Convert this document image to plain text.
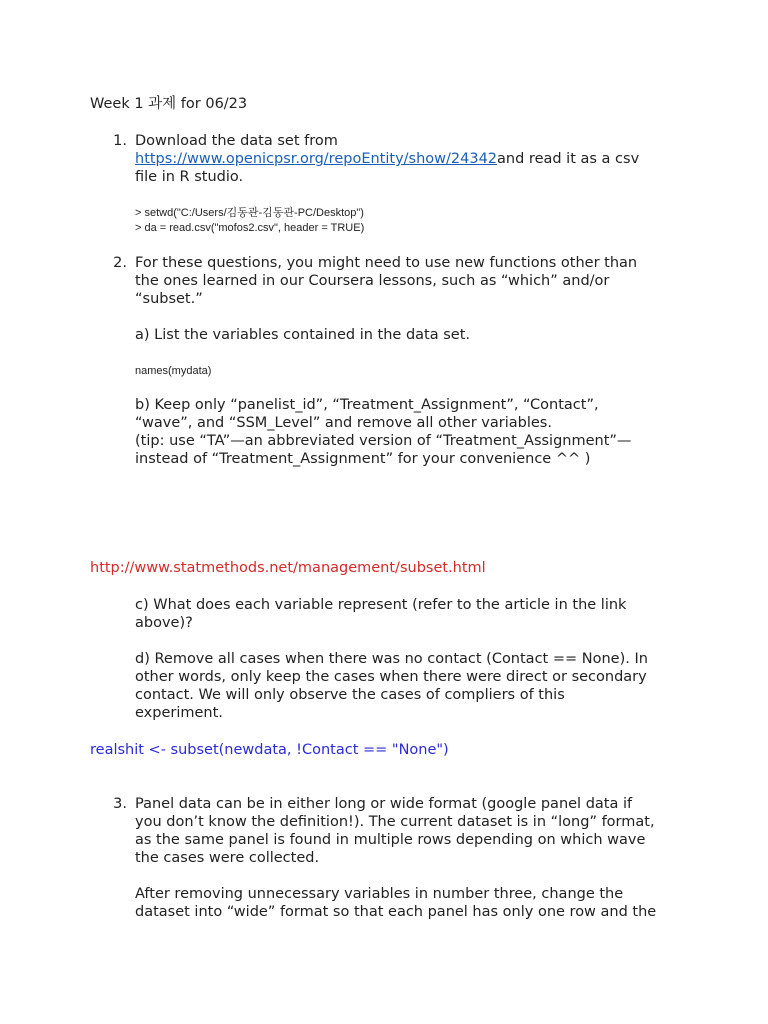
Week 1 과제 for 06/23
1. Download the data set from
https://www.openicpsr.org/repoEntity/show/24342and read it as a csv
file in R studio.
> setwd("C:/Users/김동관-김동관-PC/Desktop")
> da = read.csv("mofos2.csv", header = TRUE)
2. For these questions, you might need to use new functions other than
the ones learned in our Coursera lessons, such as “which” and/or
“subset.”
a) List the variables contained in the data set.
names(mydata)
b) Keep only “panelist_id”, “Treatment_Assignment”, “Contact”,
“wave”, and “SSM_Level” and remove all other variables.
(tip: use “TA”—an abbreviated version of “Treatment_Assignment”—
instead of “Treatment_Assignment” for your convenience ^^ )
http://www.statmethods.net/management/subset.html
c) What does each variable represent (refer to the article in the link
above)?
d) Remove all cases when there was no contact (Contact == None). In
other words, only keep the cases when there were direct or secondary
contact. We will only observe the cases of compliers of this
experiment.
realshit <- subset(newdata, !Contact == "None")
3. Panel data can be in either long or wide format (google panel data if
you don’t know the definition!). The current dataset is in “long” format,
as the same panel is found in multiple rows depending on which wave
the cases were collected.
After removing unnecessary variables in number three, change the
dataset into “wide” format so that each panel has only one row and the
